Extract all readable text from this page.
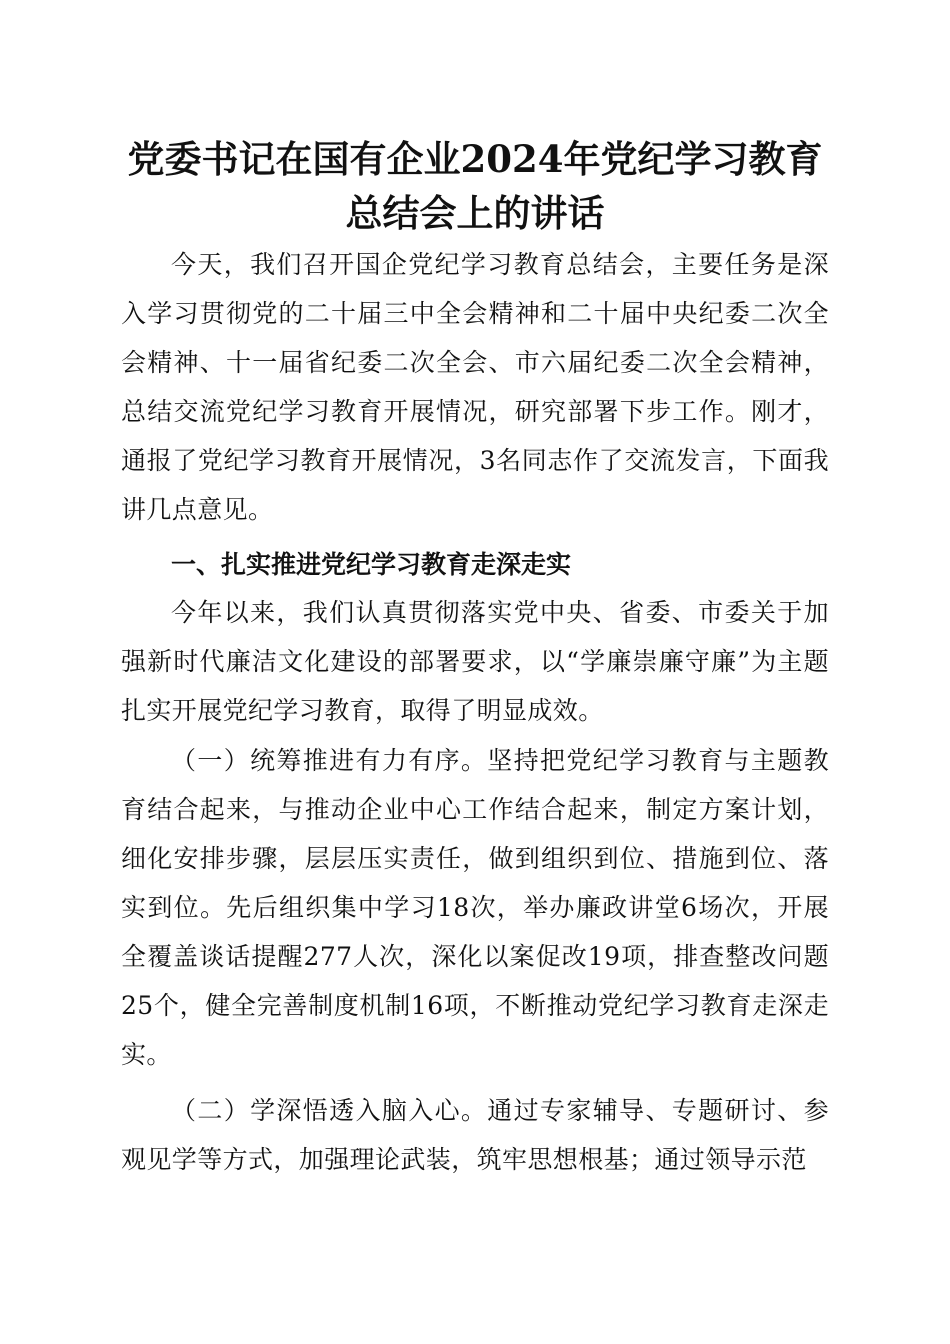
党委书记在国有企业2024年党纪学习教育总结会上的讲话
今天，我们召开国企党纪学习教育总结会，主要任务是深入学习贯彻党的二十届三中全会精神和二十届中央纪委二次全会精神、十一届省纪委二次全会、市六届纪委二次全会精神，总结交流党纪学习教育开展情况，研究部署下步工作。刚才，通报了党纪学习教育开展情况，3名同志作了交流发言，下面我讲几点意见。
一、扎实推进党纪学习教育走深走实
今年以来，我们认真贯彻落实党中央、省委、市委关于加强新时代廉洁文化建设的部署要求，以“学廉崇廉守廉”为主题扎实开展党纪学习教育，取得了明显成效。
（一）统筹推进有力有序。坚持把党纪学习教育与主题教育结合起来，与推动企业中心工作结合起来，制定方案计划，细化安排步骤，层层压实责任，做到组织到位、措施到位、落实到位。先后组织集中学习18次，举办廉政讲堂6场次，开展全覆盖谈话提醒277人次，深化以案促改19项，排查整改问题25个，健全完善制度机制16项，不断推动党纪学习教育走深走实。
（二）学深悟透入脑入心。通过专家辅导、专题研讨、参观见学等方式，加强理论武装，筑牢思想根基；通过领导示范
